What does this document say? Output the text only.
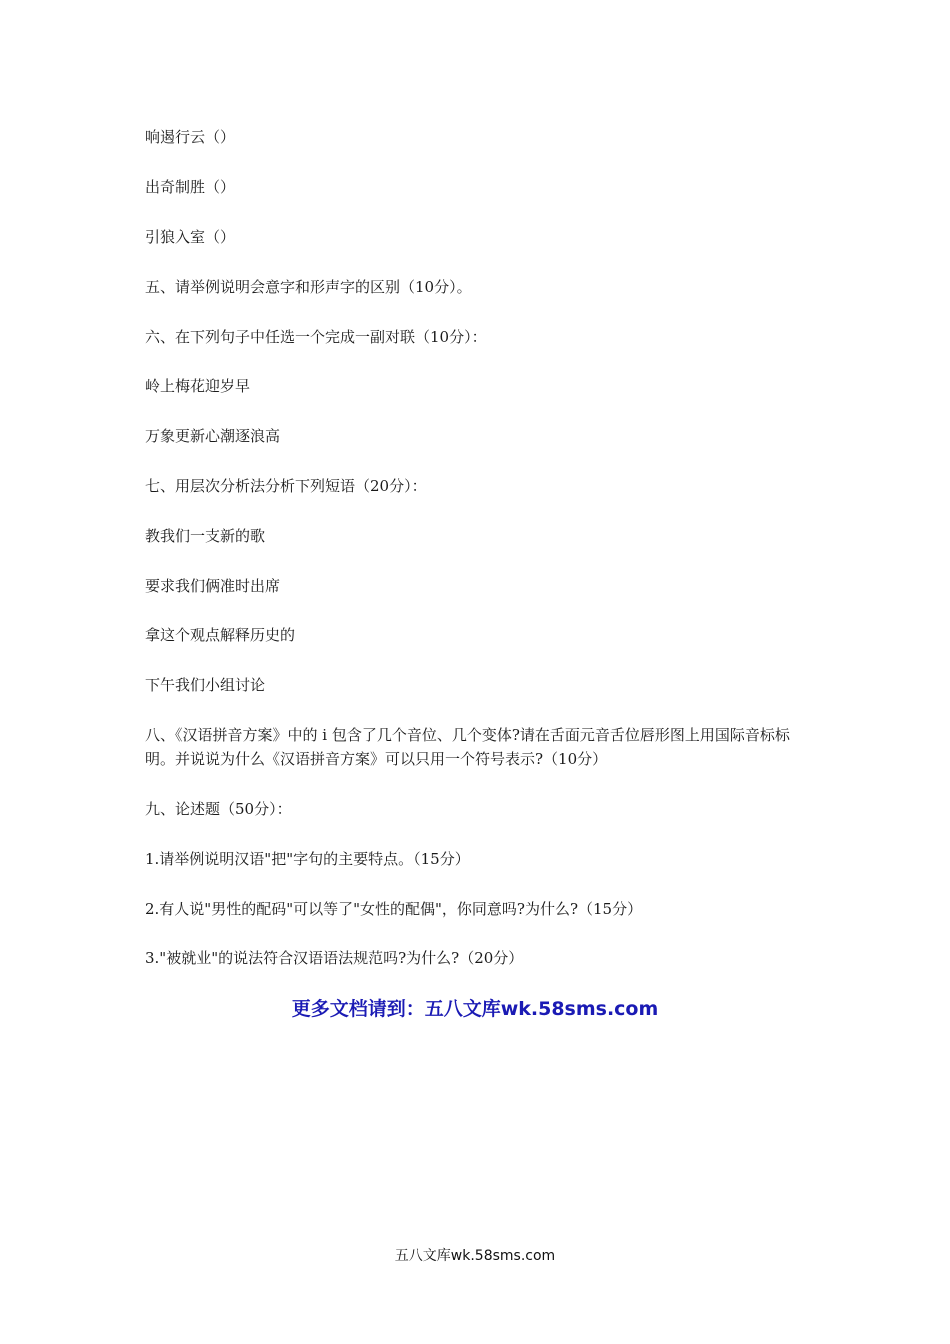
响遏行云（）
出奇制胜（）
引狼入室（）
五、请举例说明会意字和形声字的区别（10分）。
六、在下列句子中任选一个完成一副对联（10分）：
岭上梅花迎岁早
万象更新心潮逐浪高
七、用层次分析法分析下列短语（20分）：
教我们一支新的歌
要求我们俩准时出席
拿这个观点解释历史的
下午我们小组讨论
八、《汉语拼音方案》中的 i 包含了几个音位、几个变体?请在舌面元音舌位唇形图上用国际音标标明。并说说为什么《汉语拼音方案》可以只用一个符号表示?（10分）
九、论述题（50分）：
1.请举例说明汉语"把"字句的主要特点。（15分）
2.有人说"男性的配码"可以等了"女性的配偶"，你同意吗?为什么?（15分）
3."被就业"的说法符合汉语语法规范吗?为什么?（20分）
更多文档请到：五八文库wk.58sms.com
五八文库wk.58sms.com
